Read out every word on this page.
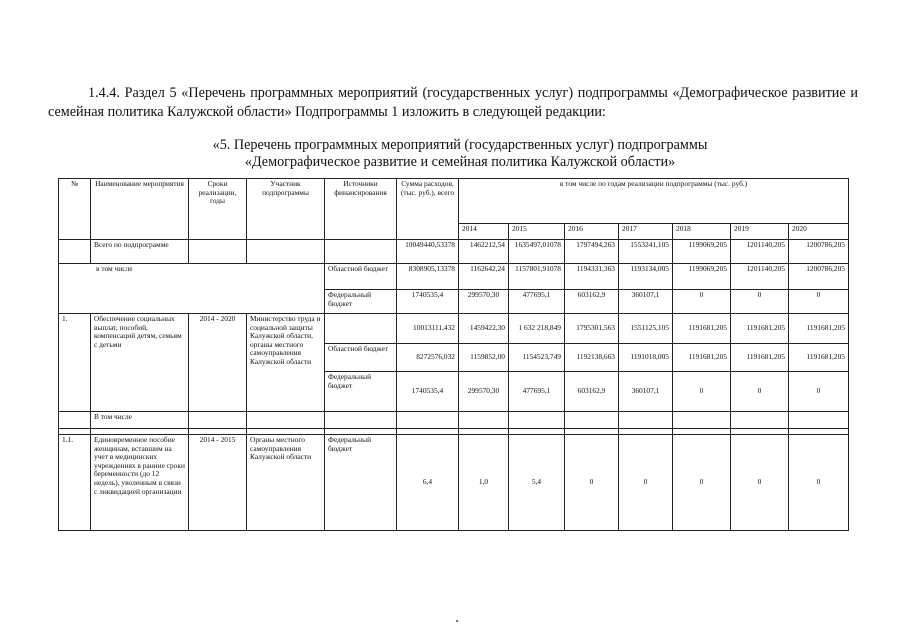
1.4.4. Раздел 5 «Перечень программных мероприятий (государственных услуг) подпрограммы «Демографическое развитие и семейная политика Калужской области» Подпрограммы 1 изложить в следующей редакции:
«5. Перечень программных мероприятий (государственных услуг) подпрограммы
«Демографическое развитие и семейная политика Калужской области»
№	Наименование мероприятия	Сроки реализации, годы	Участник подпрограммы	Источники финансирования	Сумма расходов, (тыс. руб.), всего	в том числе по годам реализации подпрограммы (тыс. руб.)						
						2014	2015	2016	2017	2018	2019	2020
	Всего по подпрограмме				10049440,53378	1462212,54	1635497,01078	1797494,263	1553241,105	1199069,205	1201140,205	1200786,205

в том числе				Областной бюджет	8308905,13378	1162642,24	1157801,91078	1194331,363	1193134,005	1199069,205	1201140,205	1200786,205
				Федеральный бюджет	1740535,4	299570,30	477695,1	603162,9	360107,1	0	0	0
1.	Обеспечение социальных выплат, пособий, компенсаций детям, семьям с детьми	2014 - 2020	Министерство труда и социальной защиты Калужской области, органы местного самоуправления Калужской области		10013111,432	1459422,30	1 632 218,849	1795301,563	1551125,105	1191681,205	1191681,205	1191681,205
				Областной бюджет	8272576,032	1159852,00	1154523,749	1192138,663	1191018,005	1191681,205	1191681,205	1191681,205
				Федеральный бюджет	1740535,4	299570,30	477695,1	603162,9	360107,1	0	0	0
	В том числе											

1.1.	Единовременное пособие женщинам, вставшим на учет в медицинских учреждениях в ранние сроки беременности (до 12 недель), уволенным в связи с ликвидацией организации	2014 - 2015	Органы местного самоуправления Калужской области	Федеральный бюджет	6,4	1,0	5,4	0	0	0	0	0
